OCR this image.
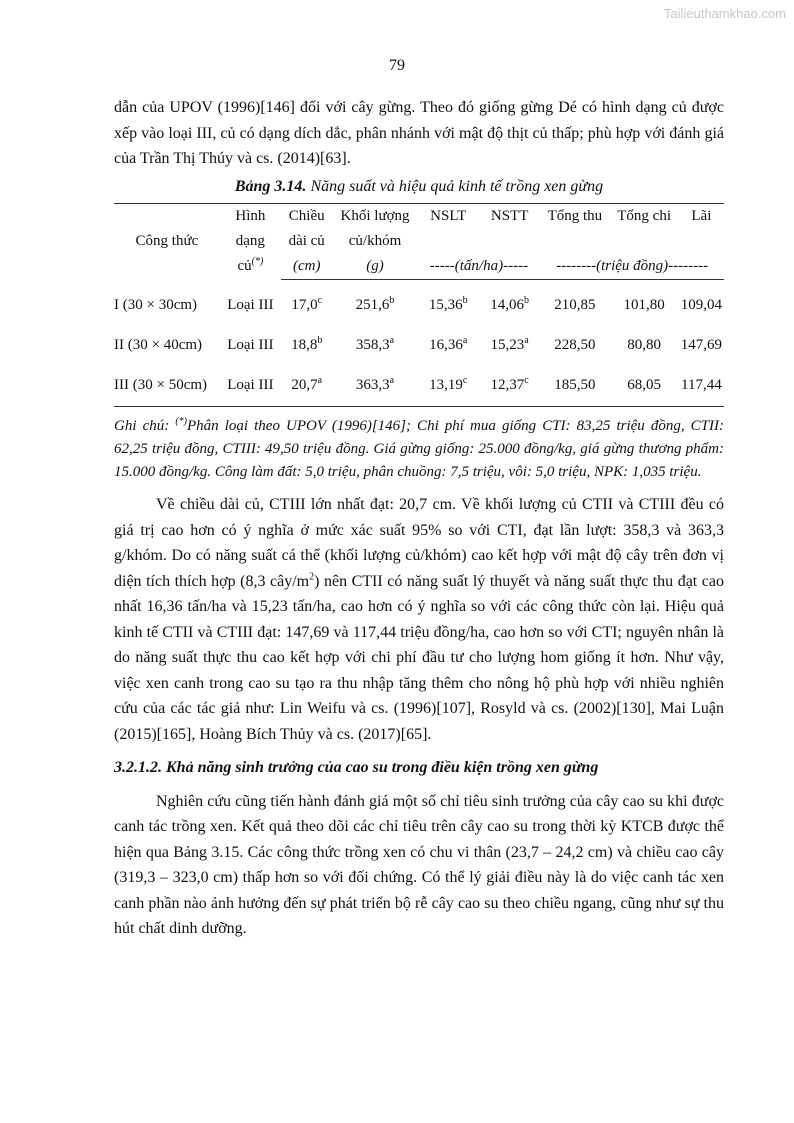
Tailieuthamkhao.com
79

dẫn của UPOV (1996)[146] đối với cây gừng. Theo đó giống gừng Dé có hình dạng củ được xếp vào loại III, củ có dạng dích dắc, phân nhánh với mật độ thịt củ thấp; phù hợp với đánh giá của Trần Thị Thúy và cs. (2014)[63].

Bảng 3.14. Năng suất và hiệu quả kinh tế trồng xen gừng
Công thức	Hình
dạng
củ(*)	Chiều dài củ	Khối lượng củ/khóm	NSLT	NSTT	Tổng thu	Tổng chi	Lãi
		(cm)	(g)	-----(tấn/ha)-----		--------(triệu đồng)--------		
I (30 × 30cm)	Loại III	17,0$^c$	251,6$^b$	15,36$^b$	14,06$^b$	210,85	101,80	109,04
II (30 × 40cm)	Loại III	18,8$^b$	358,3$^a$	16,36$^a$	15,23$^a$	228,50	80,80	147,69
III (30 × 50cm)	Loại III	20,7$^a$	363,3$^a$	13,19$^c$	12,37$^c$	185,50	68,05	117,44

Ghi chú: (*)Phân loại theo UPOV (1996)[146]; Chi phí mua giống CTI: 83,25 triệu đồng, CTII: 62,25 triệu đồng, CTIII: 49,50 triệu đồng. Giá gừng giống: 25.000 đồng/kg, giá gừng thương phẩm: 15.000 đồng/kg. Công làm đất: 5,0 triệu, phân chuồng: 7,5 triệu, vôi: 5,0 triệu, NPK: 1,035 triệu.

Về chiều dài củ, CTIII lớn nhất đạt: 20,7 cm. Về khối lượng củ CTII và CTIII đều có giá trị cao hơn có ý nghĩa ở mức xác suất 95% so với CTI, đạt lần lượt: 358,3 và 363,3 g/khóm. Do có năng suất cá thể (khối lượng củ/khóm) cao kết hợp với mật độ cây trên đơn vị diện tích thích hợp (8,3 cây/$m^2$) nên CTII có năng suất lý thuyết và năng suất thực thu đạt cao nhất 16,36 tấn/ha và 15,23 tấn/ha, cao hơn có ý nghĩa so với các công thức còn lại. Hiệu quả kinh tế CTII và CTIII đạt: 147,69 và 117,44 triệu đồng/ha, cao hơn so với CTI; nguyên nhân là do năng suất thực thu cao kết hợp với chi phí đầu tư cho lượng hom giống ít hơn. Như vậy, việc xen canh trong cao su tạo ra thu nhập tăng thêm cho nông hộ phù hợp với nhiều nghiên cứu của các tác giả như: Lin Weifu và cs. (1996)[107], Rosyld và cs. (2002)[130], Mai Luận (2015)[165], Hoàng Bích Thủy và cs. (2017)[65].

3.2.1.2. Khả năng sinh trưởng của cao su trong điều kiện trồng xen gừng

Nghiên cứu cũng tiến hành đánh giá một số chỉ tiêu sinh trưởng của cây cao su khi được canh tác trồng xen. Kết quả theo dõi các chỉ tiêu trên cây cao su trong thời kỳ KTCB được thể hiện qua Bảng 3.15. Các công thức trồng xen có chu vi thân (23,7 – 24,2 cm) và chiều cao cây (319,3 – 323,0 cm) thấp hơn so với đối chứng. Có thể lý giải điều này là do việc canh tác xen canh phần nào ảnh hưởng đến sự phát triển bộ rễ cây cao su theo chiều ngang, cũng như sự thu hút chất dinh dưỡng.
